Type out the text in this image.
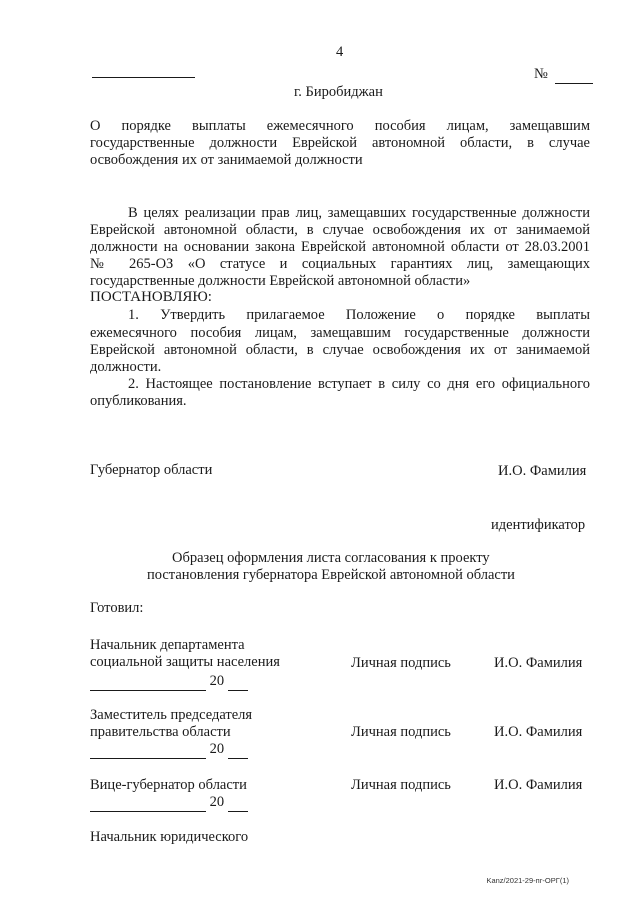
4
№
г. Биробиджан
О порядке выплаты ежемесячного пособия лицам, замещавшим
государственные должности Еврейской автономной области, в случае
освобождения их от занимаемой должности
В целях реализации прав лиц, замещавших государственные должности
Еврейской автономной области, в случае освобождения их от занимаемой
должности на основании закона Еврейской автономной области от 28.03.2001
№ 265-ОЗ «О статусе и социальных гарантиях лиц, замещающих
государственные должности Еврейской автономной области»
ПОСТАНОВЛЯЮ:
1. Утвердить прилагаемое Положение о порядке выплаты
ежемесячного пособия лицам, замещавшим государственные должности
Еврейской автономной области, в случае освобождения их от занимаемой
должности.
2. Настоящее постановление вступает в силу со дня его официального
опубликования.
Губернатор области	И.О. Фамилия
идентификатор
Образец оформления листа согласования к проекту
постановления губернатора Еврейской автономной области
Готовил:
Начальник департамента
социальной защиты населения	Личная подпись	И.О. Фамилия
20
Заместитель председателя
правительства области	Личная подпись	И.О. Фамилия
20
Вице-губернатор области	Личная подпись	И.О. Фамилия
20
Начальник юридического
Kanz/2021-29-пг-ОРГ(1)
